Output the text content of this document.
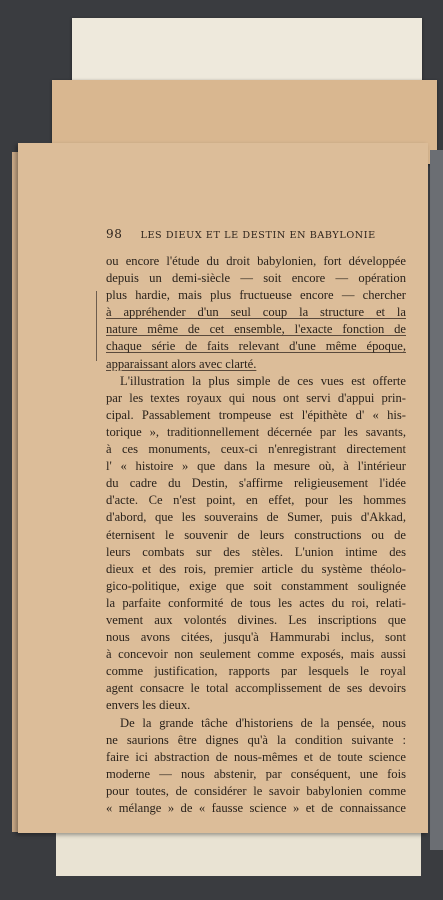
98 LES DIEUX ET LE DESTIN EN BABYLONIE
ou encore l'étude du droit babylonien, fort développée
depuis un demi-siècle — soit encore — opération
plus hardie, mais plus fructueuse encore — chercher
à appréhender d'un seul coup la structure et la
nature même de cet ensemble, l'exacte fonction de
chaque série de faits relevant d'une même époque,
apparaissant alors avec clarté.
L'illustration la plus simple de ces vues est offerte
par les textes royaux qui nous ont servi d'appui prin-
cipal. Passablement trompeuse est l'épithète d' « his-
torique », traditionnellement décernée par les savants,
à ces monuments, ceux-ci n'enregistrant directement
l' « histoire » que dans la mesure où, à l'intérieur
du cadre du Destin, s'affirme religieusement l'idée
d'acte. Ce n'est point, en effet, pour les hommes
d'abord, que les souverains de Sumer, puis d'Akkad,
éternisent le souvenir de leurs constructions ou de
leurs combats sur des stèles. L'union intime des
dieux et des rois, premier article du système théolo-
gico-politique, exige que soit constamment soulignée
la parfaite conformité de tous les actes du roi, relati-
vement aux volontés divines. Les inscriptions que
nous avons citées, jusqu'à Hammurabi inclus, sont
à concevoir non seulement comme exposés, mais aussi
comme justification, rapports par lesquels le royal
agent consacre le total accomplissement de ses devoirs
envers les dieux.
De la grande tâche d'historiens de la pensée, nous
ne saurions être dignes qu'à la condition suivante :
faire ici abstraction de nous-mêmes et de toute science
moderne — nous abstenir, par conséquent, une fois
pour toutes, de considérer le savoir babylonien comme
« mélange » de « fausse science » et de connaissance
